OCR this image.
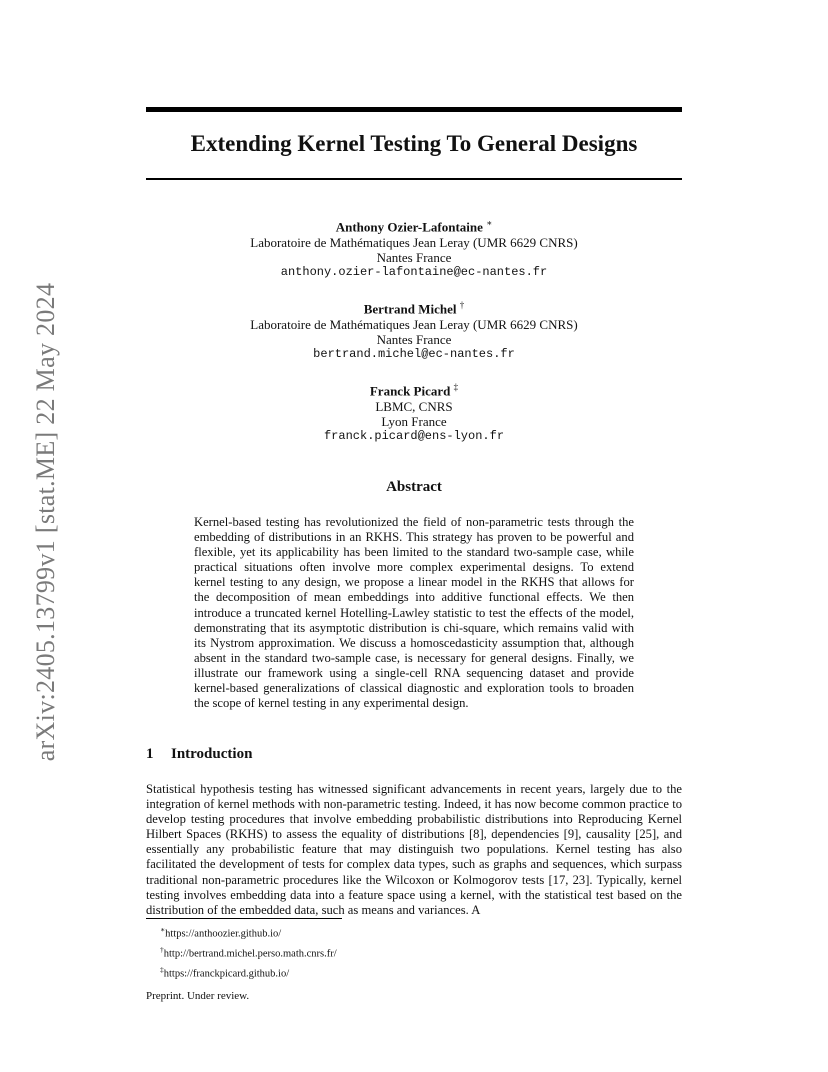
arXiv:2405.13799v1 [stat.ME] 22 May 2024
Extending Kernel Testing To General Designs
Anthony Ozier-Lafontaine ∗
Laboratoire de Mathématiques Jean Leray (UMR 6629 CNRS)
Nantes France
anthony.ozier-lafontaine@ec-nantes.fr
Bertrand Michel †
Laboratoire de Mathématiques Jean Leray (UMR 6629 CNRS)
Nantes France
bertrand.michel@ec-nantes.fr
Franck Picard ‡
LBMC, CNRS
Lyon France
franck.picard@ens-lyon.fr
Abstract
Kernel-based testing has revolutionized the field of non-parametric tests through the embedding of distributions in an RKHS. This strategy has proven to be powerful and flexible, yet its applicability has been limited to the standard two-sample case, while practical situations often involve more complex experimental designs. To extend kernel testing to any design, we propose a linear model in the RKHS that allows for the decomposition of mean embeddings into additive functional effects. We then introduce a truncated kernel Hotelling-Lawley statistic to test the effects of the model, demonstrating that its asymptotic distribution is chi-square, which remains valid with its Nystrom approximation. We discuss a homoscedasticity assumption that, although absent in the standard two-sample case, is necessary for general designs. Finally, we illustrate our framework using a single-cell RNA sequencing dataset and provide kernel-based generalizations of classical diagnostic and exploration tools to broaden the scope of kernel testing in any experimental design.
1 Introduction
Statistical hypothesis testing has witnessed significant advancements in recent years, largely due to the integration of kernel methods with non-parametric testing. Indeed, it has now become common practice to develop testing procedures that involve embedding probabilistic distributions into Reproducing Kernel Hilbert Spaces (RKHS) to assess the equality of distributions [8], dependencies [9], causality [25], and essentially any probabilistic feature that may distinguish two populations. Kernel testing has also facilitated the development of tests for complex data types, such as graphs and sequences, which surpass traditional non-parametric procedures like the Wilcoxon or Kolmogorov tests [17, 23]. Typically, kernel testing involves embedding data into a feature space using a kernel, with the statistical test based on the distribution of the embedded data, such as means and variances. A
∗https://anthoozier.github.io/
†http://bertrand.michel.perso.math.cnrs.fr/
‡https://franckpicard.github.io/
Preprint. Under review.
